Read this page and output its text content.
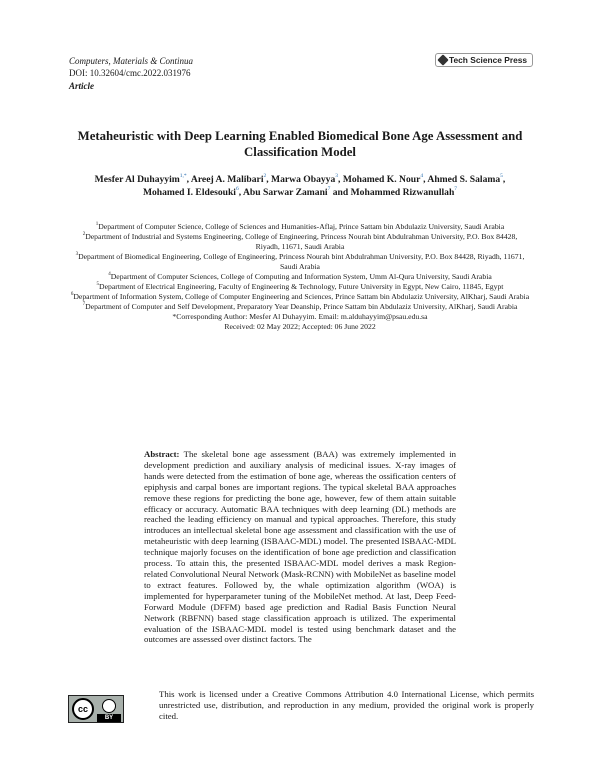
Computers, Materials & Continua
DOI: 10.32604/cmc.2022.031976
Article
Tech Science Press
Metaheuristic with Deep Learning Enabled Biomedical Bone Age Assessment and Classification Model
Mesfer Al Duhayyim$^{1,*}$, Areej A. Malibari$^2$, Marwa Obayya$^3$, Mohamed K. Nour$^4$, Ahmed S. Salama$^5$,
Mohamed I. Eldesouki$^6$, Abu Sarwar Zamani$^7$ and Mohammed Rizwanullah$^7$

$^1$Department of Computer Science, College of Sciences and Humanities-Aflaj, Prince Sattam bin Abdulaziz University, Saudi Arabia

$^2$Department of Industrial and Systems Engineering, College of Engineering, Princess Nourah bint Abdulrahman University, P.O. Box 84428, Riyadh, 11671, Saudi Arabia

$^3$Department of Biomedical Engineering, College of Engineering, Princess Nourah bint Abdulrahman University, P.O. Box 84428, Riyadh, 11671, Saudi Arabia

$^4$Department of Computer Sciences, College of Computing and Information System, Umm Al-Qura University, Saudi Arabia

$^5$Department of Electrical Engineering, Faculty of Engineering & Technology, Future University in Egypt, New Cairo, 11845, Egypt

$^6$Department of Information System, College of Computer Engineering and Sciences, Prince Sattam bin Abdulaziz University, AlKharj, Saudi Arabia

$^7$Department of Computer and Self Development, Preparatory Year Deanship, Prince Sattam bin Abdulaziz University, AlKharj, Saudi Arabia

*Corresponding Author: Mesfer Al Duhayyim. Email: m.alduhayyim@psau.edu.sa

Received: 02 May 2022; Accepted: 06 June 2022

Abstract: The skeletal bone age assessment (BAA) was extremely implemented in development prediction and auxiliary analysis of medicinal issues. X-ray images of hands were detected from the estimation of bone age, whereas the ossification centers of epiphysis and carpal bones are important regions. The typical skeletal BAA approaches remove these regions for predicting the bone age, however, few of them attain suitable efficacy or accuracy. Automatic BAA techniques with deep learning (DL) methods are reached the leading efficiency on manual and typical approaches. Therefore, this study introduces an intellectual skeletal bone age assessment and classification with the use of metaheuristic with deep learning (ISBAAC-MDL) model. The presented ISBAAC-MDL technique majorly focuses on the identification of bone age prediction and classification process. To attain this, the presented ISBAAC-MDL model derives a mask Region-related Convolutional Neural Network (Mask-RCNN) with MobileNet as baseline model to extract features. Followed by, the whale optimization algorithm (WOA) is implemented for hyperparameter tuning of the MobileNet method. At last, Deep Feed-Forward Module (DFFM) based age prediction and Radial Basis Function Neural Network (RBFNN) based stage classification approach is utilized. The experimental evaluation of the ISBAAC-MDL model is tested using benchmark dataset and the outcomes are assessed over distinct factors. The
cc
BY
This work is licensed under a Creative Commons Attribution 4.0 International License, which permits unrestricted use, distribution, and reproduction in any medium, provided the original work is properly cited.
